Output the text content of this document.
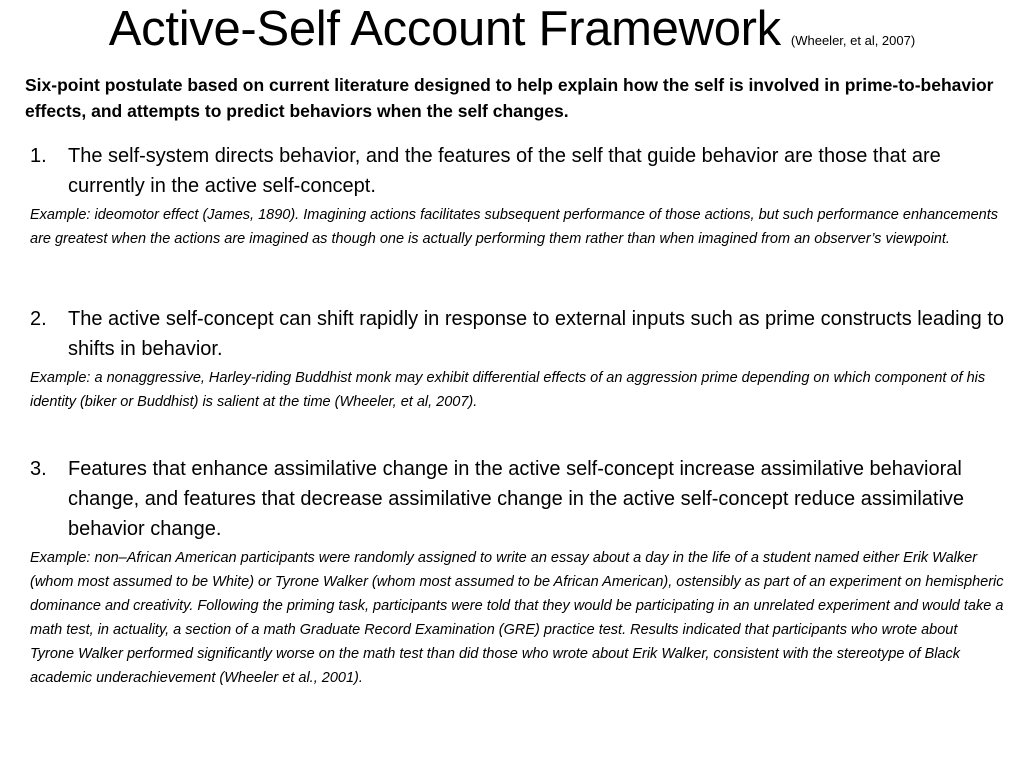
Active-Self Account Framework (Wheeler, et al, 2007)
Six-point postulate based on current literature designed to help explain how the self is involved in prime-to-behavior effects, and attempts to predict behaviors when the self changes.
1. The self-system directs behavior, and the features of the self that guide behavior are those that are currently in the active self-concept.
Example: ideomotor effect (James, 1890). Imagining actions facilitates subsequent performance of those actions, but such performance enhancements are greatest when the actions are imagined as though one is actually performing them rather than when imagined from an observer’s viewpoint.
2. The active self-concept can shift rapidly in response to external inputs such as prime constructs leading to shifts in behavior.
Example: a nonaggressive, Harley-riding Buddhist monk may exhibit differential effects of an aggression prime depending on which component of his identity (biker or Buddhist) is salient at the time (Wheeler, et al, 2007).
3. Features that enhance assimilative change in the active self-concept increase assimilative behavioral change, and features that decrease assimilative change in the active self-concept reduce assimilative behavior change.
Example: non–African American participants were randomly assigned to write an essay about a day in the life of a student named either Erik Walker (whom most assumed to be White) or Tyrone Walker (whom most assumed to be African American), ostensibly as part of an experiment on hemispheric dominance and creativity. Following the priming task, participants were told that they would be participating in an unrelated experiment and would take a math test, in actuality, a section of a math Graduate Record Examination (GRE) practice test. Results indicated that participants who wrote about Tyrone Walker performed significantly worse on the math test than did those who wrote about Erik Walker, consistent with the stereotype of Black academic underachievement (Wheeler et al., 2001).
